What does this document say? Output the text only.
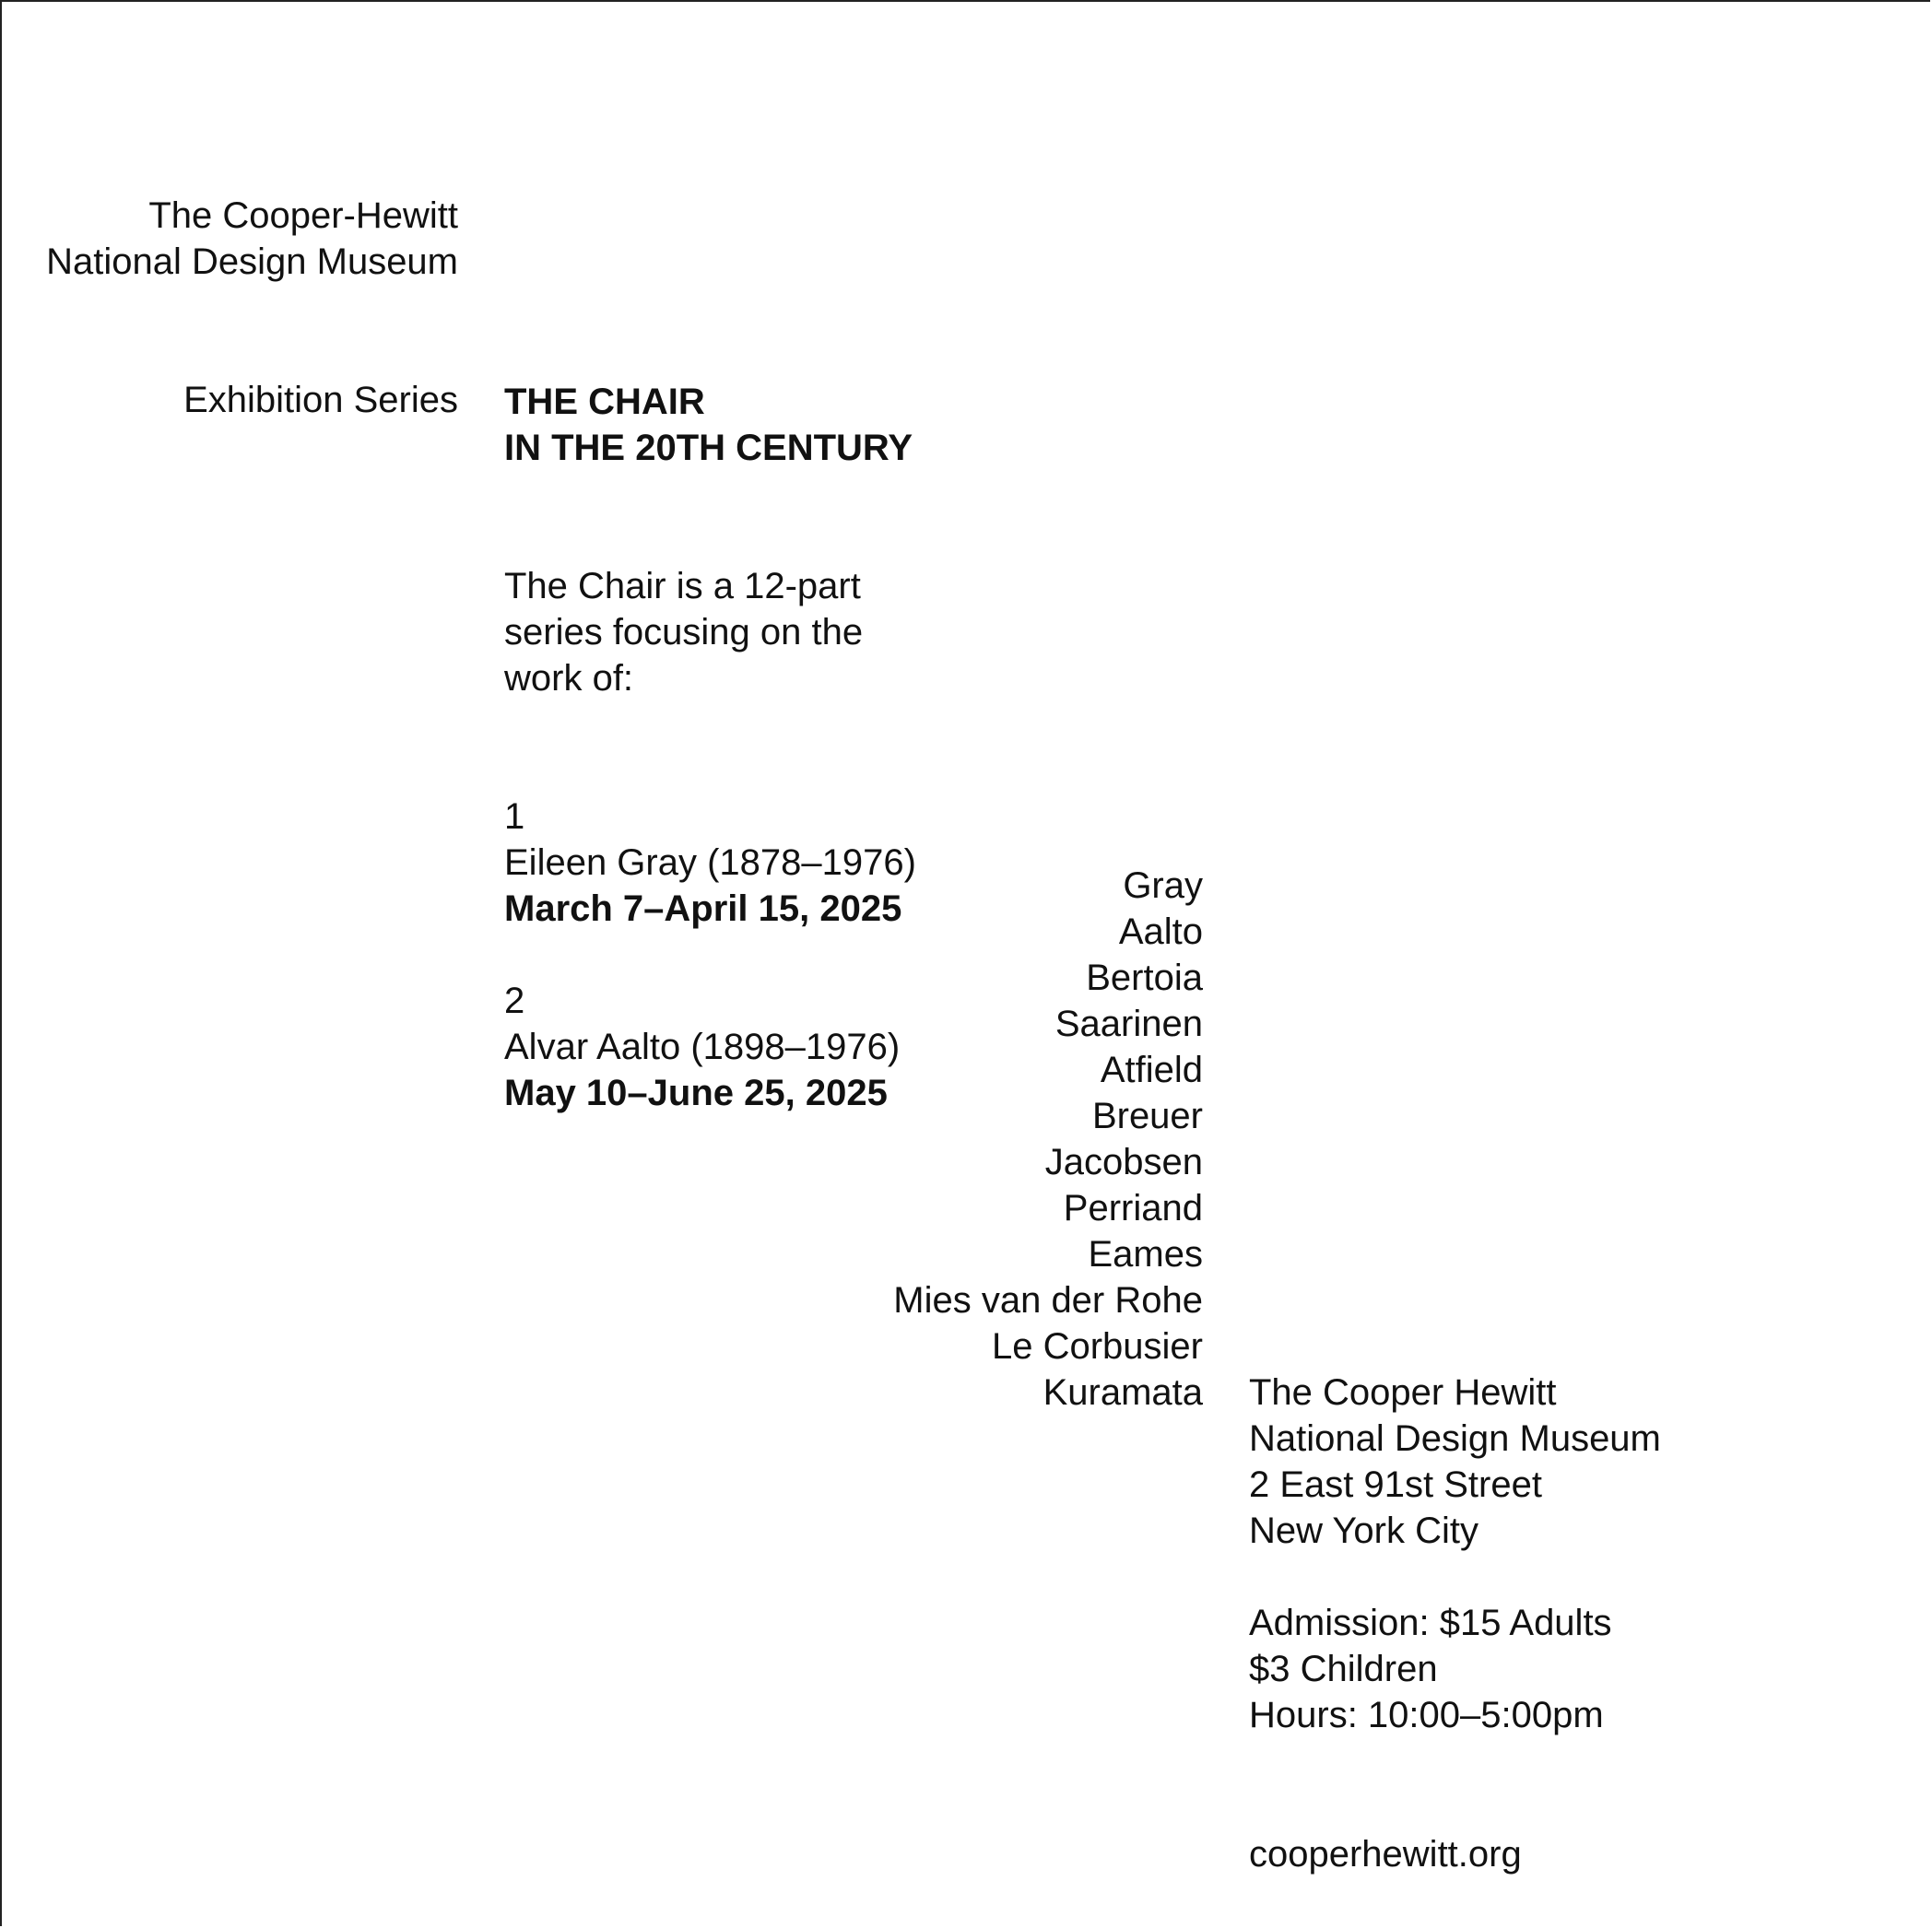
The Cooper-Hewitt
National Design Museum
Exhibition Series THE CHAIR
IN THE 20TH CENTURY
The Chair is a 12-part
series focusing on the
work of:
1
Eileen Gray (1878–1976)
March 7–April 15, 2025
2
Alvar Aalto (1898–1976)
May 10–June 25, 2025
Gray
Aalto
Bertoia
Saarinen
Atfield
Breuer
Jacobsen
Perriand
Eames
Mies van der Rohe
Le Corbusier
Kuramata The Cooper Hewitt
National Design Museum
2 East 91st Street
New York City
Admission: $15 Adults
$3 Children
Hours: 10:00–5:00pm
cooperhewitt.org
